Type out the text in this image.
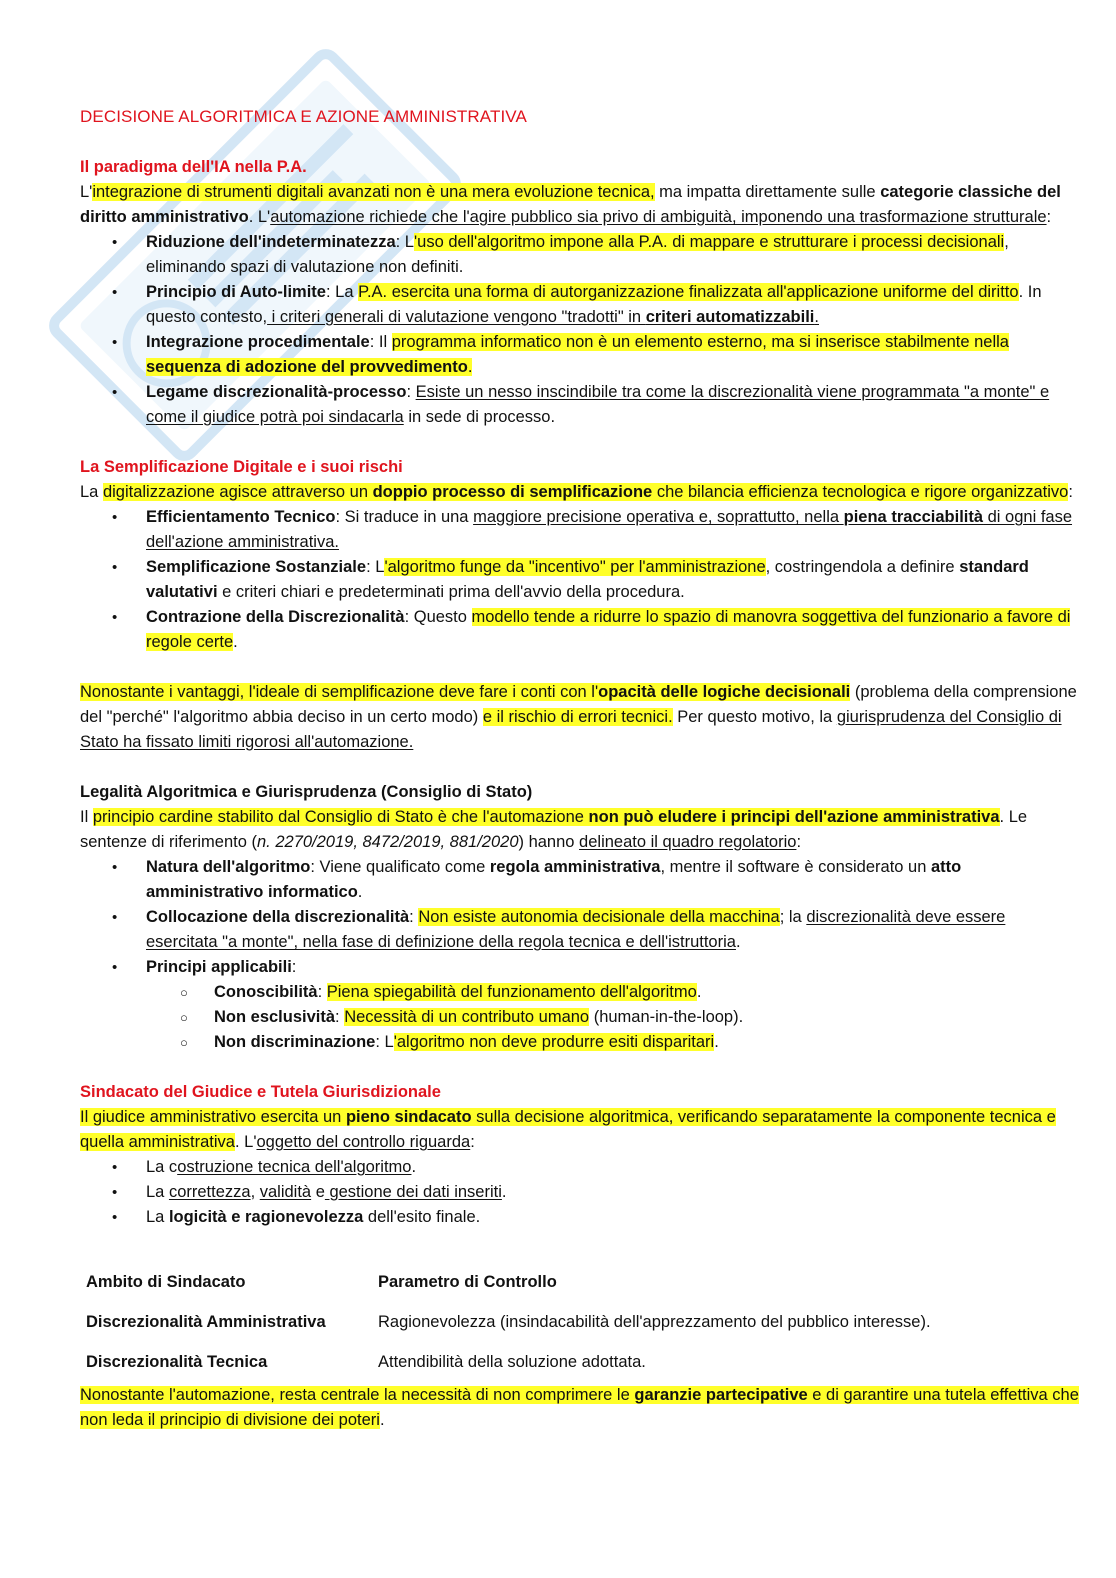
DECISIONE ALGORITMICA E AZIONE AMMINISTRATIVA

Il paradigma dell'IA nella P.A.

L'integrazione di strumenti digitali avanzati non è una mera evoluzione tecnica, ma impatta direttamente sulle categorie classiche del diritto amministrativo. L'automazione richiede che l'agire pubblico sia privo di ambiguità, imponendo una trasformazione strutturale:

• Riduzione dell'indeterminatezza: L'uso dell'algoritmo impone alla P.A. di mappare e strutturare i processi decisionali, eliminando spazi di valutazione non definiti.
• Principio di Auto-limite: La P.A. esercita una forma di autorganizzazione finalizzata all'applicazione uniforme del diritto. In questo contesto, i criteri generali di valutazione vengono "tradotti" in criteri automatizzabili.
• Integrazione procedimentale: Il programma informatico non è un elemento esterno, ma si inserisce stabilmente nella sequenza di adozione del provvedimento.
• Legame discrezionalità-processo: Esiste un nesso inscindibile tra come la discrezionalità viene programmata "a monte" e come il giudice potrà poi sindacarla in sede di processo.

La Semplificazione Digitale e i suoi rischi

La digitalizzazione agisce attraverso un doppio processo di semplificazione che bilancia efficienza tecnologica e rigore organizzativo:

• Efficientamento Tecnico: Si traduce in una maggiore precisione operativa e, soprattutto, nella piena tracciabilità di ogni fase dell'azione amministrativa.
• Semplificazione Sostanziale: L'algoritmo funge da "incentivo" per l'amministrazione, costringendola a definire standard valutativi e criteri chiari e predeterminati prima dell'avvio della procedura.
• Contrazione della Discrezionalità: Questo modello tende a ridurre lo spazio di manovra soggettiva del funzionario a favore di regole certe.

Nonostante i vantaggi, l'ideale di semplificazione deve fare i conti con l'opacità delle logiche decisionali (problema della comprensione del "perché" l'algoritmo abbia deciso in un certo modo) e il rischio di errori tecnici. Per questo motivo, la giurisprudenza del Consiglio di Stato ha fissato limiti rigorosi all'automazione.

Legalità Algoritmica e Giurisprudenza (Consiglio di Stato)

Il principio cardine stabilito dal Consiglio di Stato è che l'automazione non può eludere i principi dell'azione amministrativa. Le sentenze di riferimento (n. 2270/2019, 8472/2019, 881/2020) hanno delineato il quadro regolatorio:

• Natura dell'algoritmo: Viene qualificato come regola amministrativa, mentre il software è considerato un atto amministrativo informatico.
• Collocazione della discrezionalità: Non esiste autonomia decisionale della macchina; la discrezionalità deve essere esercitata "a monte", nella fase di definizione della regola tecnica e dell'istruttoria.
• Principi applicabili:
○ Conoscibilità: Piena spiegabilità del funzionamento dell'algoritmo.
○ Non esclusività: Necessità di un contributo umano (human-in-the-loop).
○ Non discriminazione: L'algoritmo non deve produrre esiti disparitari.

Sindacato del Giudice e Tutela Giurisdizionale

Il giudice amministrativo esercita un pieno sindacato sulla decisione algoritmica, verificando separatamente la componente tecnica e quella amministrativa. L'oggetto del controllo riguarda:

• La costruzione tecnica dell'algoritmo.
• La correttezza, validità e gestione dei dati inseriti.
• La logicità e ragionevolezza dell'esito finale.
Ambito di Sindacato	Parametro di Controllo
Discrezionalità Amministrativa	Ragionevolezza (insindacabilità dell'apprezzamento del pubblico interesse).
Discrezionalità Tecnica	Attendibilità della soluzione adottata.

Nonostante l'automazione, resta centrale la necessità di non comprimere le garanzie partecipative e di garantire una tutela effettiva che non leda il principio di divisione dei poteri.
